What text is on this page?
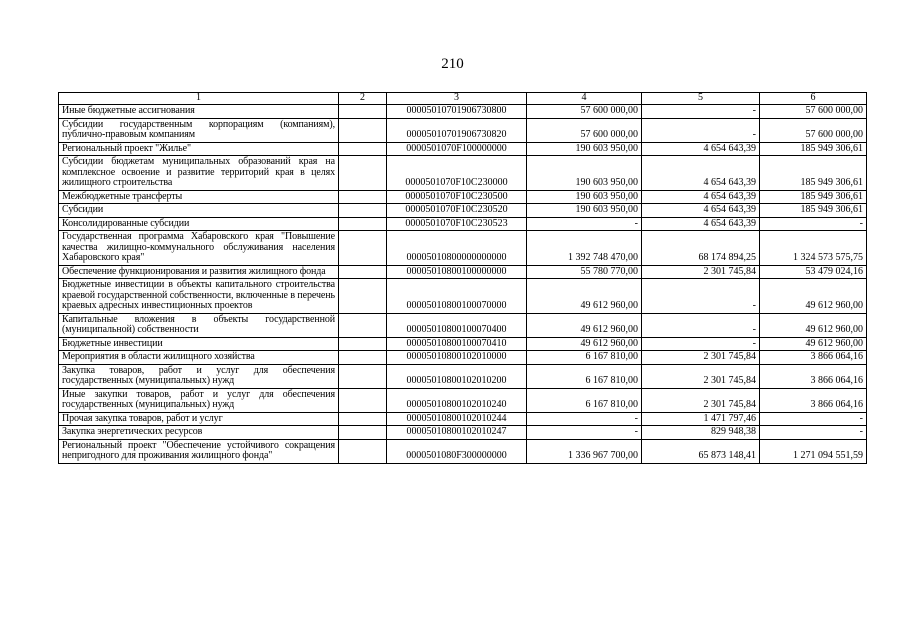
210
1	2	3	4	5	6
Иные бюджетные ассигнования		00005010701906730800	57 600 000,00	-	57 600 000,00
Субсидии государственным корпорациям (компаниям), публично-правовым компаниям		00005010701906730820	57 600 000,00	-	57 600 000,00
Региональный проект "Жилье"		0000501070F100000000	190 603 950,00	4 654 643,39	185 949 306,61
Субсидии бюджетам муниципальных образований края на комплексное освоение и развитие территорий края в целях жилищного строительства		0000501070F10C230000	190 603 950,00	4 654 643,39	185 949 306,61
Межбюджетные трансферты		0000501070F10C230500	190 603 950,00	4 654 643,39	185 949 306,61
Субсидии		0000501070F10C230520	190 603 950,00	4 654 643,39	185 949 306,61
Консолидированные субсидии		0000501070F10C230523	-	4 654 643,39	-
Государственная программа Хабаровского края "Повышение качества жилищно-коммунального обслуживания населения Хабаровского края"		00005010800000000000	1 392 748 470,00	68 174 894,25	1 324 573 575,75
Обеспечение функционирования и развития жилищного фонда		00005010800100000000	55 780 770,00	2 301 745,84	53 479 024,16
Бюджетные инвестиции в объекты капитального строительства краевой государственной собственности, включенные в перечень краевых адресных инвестиционных проектов		00005010800100070000	49 612 960,00	-	49 612 960,00
Капитальные вложения в объекты государственной (муниципальной) собственности		00005010800100070400	49 612 960,00	-	49 612 960,00
Бюджетные инвестиции		00005010800100070410	49 612 960,00	-	49 612 960,00
Мероприятия в области жилищного хозяйства		00005010800102010000	6 167 810,00	2 301 745,84	3 866 064,16
Закупка товаров, работ и услуг для обеспечения государственных (муниципальных) нужд		00005010800102010200	6 167 810,00	2 301 745,84	3 866 064,16
Иные закупки товаров, работ и услуг для обеспечения государственных (муниципальных) нужд		00005010800102010240	6 167 810,00	2 301 745,84	3 866 064,16
Прочая закупка товаров, работ и услуг		00005010800102010244	-	1 471 797,46	-
Закупка энергетических ресурсов		00005010800102010247	-	829 948,38	-
Региональный проект "Обеспечение устойчивого сокращения непригодного для проживания жилищного фонда"		0000501080F300000000	1 336 967 700,00	65 873 148,41	1 271 094 551,59
